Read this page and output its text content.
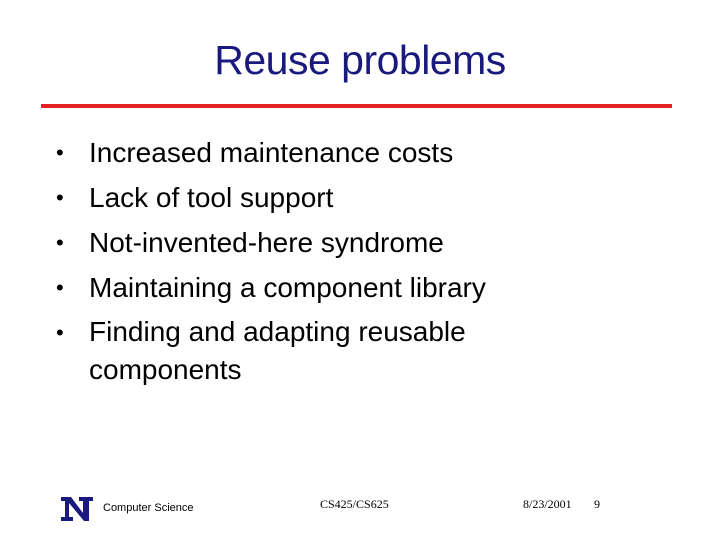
Reuse problems
• Increased maintenance costs
• Lack of tool support
• Not-invented-here syndrome
• Maintaining a component library
• Finding and adapting reusable components
Computer Science	CS425/CS625	8/23/2001 9
